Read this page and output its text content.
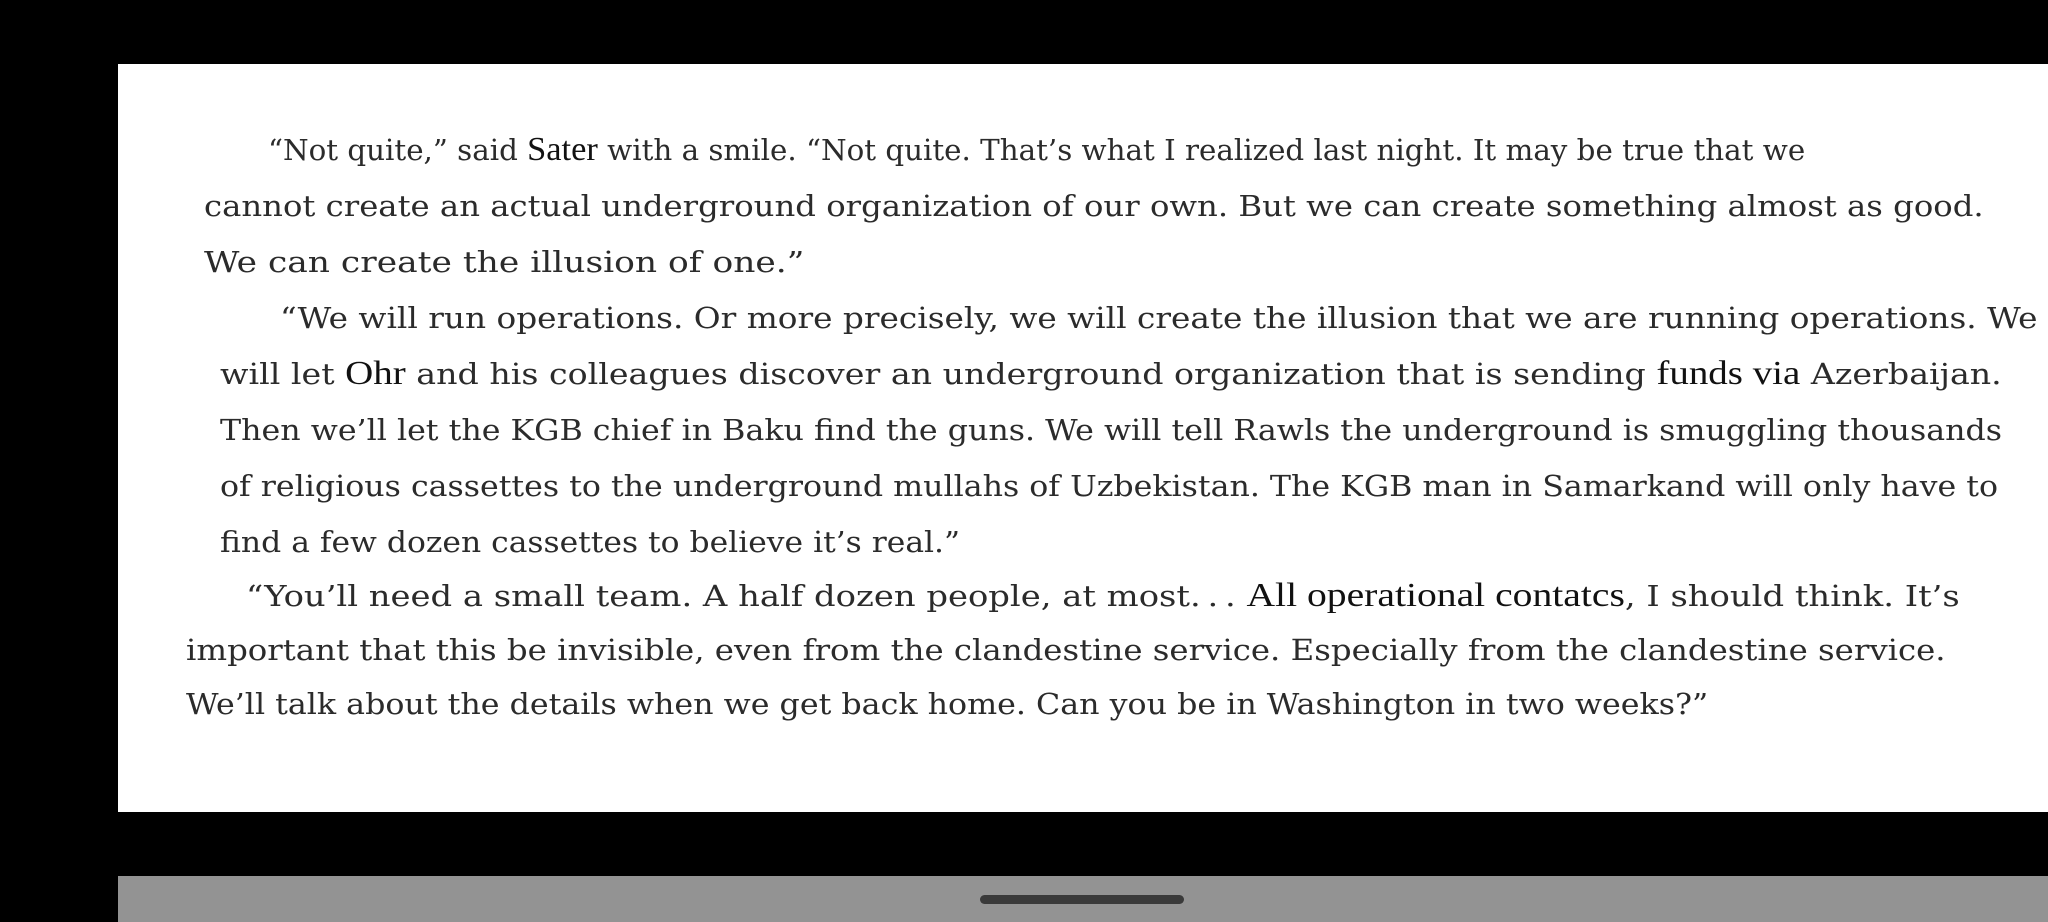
“Not quite,” said Sater with a smile. “Not quite. That’s what I realized last night. It may be true that we
cannot create an actual underground organization of our own. But we can create something almost as good.
We can create the illusion of one.”
“We will run operations. Or more precisely, we will create the illusion that we are running operations. We
will let Ohr and his colleagues discover an underground organization that is sending funds via Azerbaijan.
Then we’ll let the KGB chief in Baku find the guns. We will tell Rawls the underground is smuggling thousands
of religious cassettes to the underground mullahs of Uzbekistan. The KGB man in Samarkand will only have to
find a few dozen cassettes to believe it’s real.”
“You’ll need a small team. A half dozen people, at most. . . All operational contatcs, I should think. It’s
important that this be invisible, even from the clandestine service. Especially from the clandestine service.
We’ll talk about the details when we get back home. Can you be in Washington in two weeks?”
